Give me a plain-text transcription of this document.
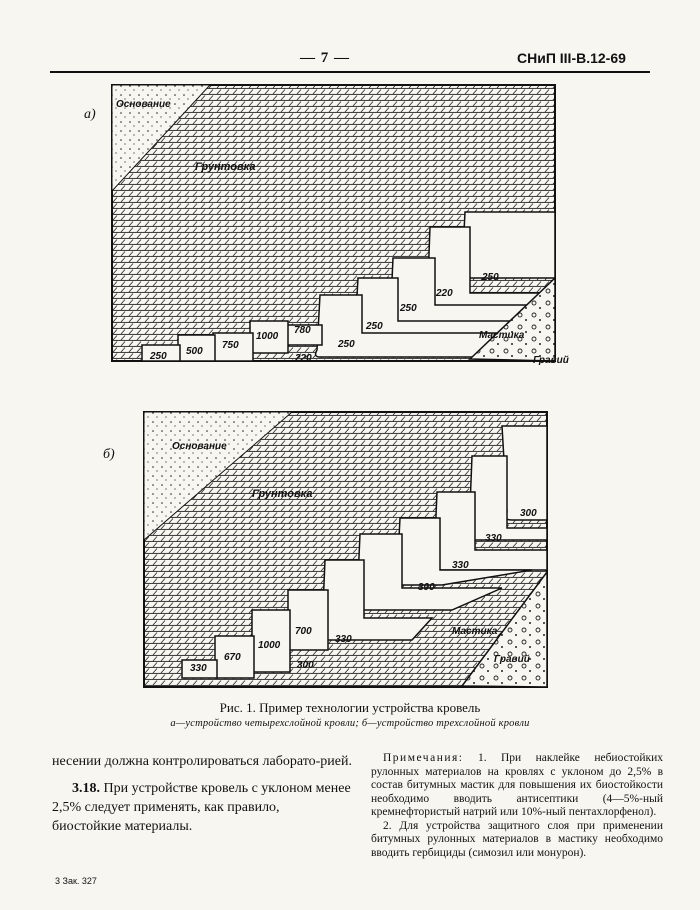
— 7 —	СНиП III-В.12-69
а)
б)
Основание
Грунтовка
Мастика
Гравий
250 500
750
1000
780
220
250
250
250
220
250
Основание
Грунтовка
Мастика
Гравий
330
670
1000
700
300
330
300
330
330
300
Рис. 1. Пример технологии устройства кровель
а—устройство четырехслойной кровли; б—устройство трехслойной кровли

несении должна контролироваться лаборато-рией.

3.18. При устройстве кровель с уклоном менее 2,5% следует применять, как правило, биостойкие материалы.

Примечания: 1. При наклейке небиостойких рулонных материалов на кровлях с уклоном до 2,5% в состав битумных мастик для повышения их биостойкости необходимо вводить антисептики (4—5%-ный кремнефтористый натрий или 10%-ный пентахлорфенол).

2. Для устройства защитного слоя при применении битумных рулонных материалов в мастику необходимо вводить гербициды (симозил или монурон).

3 Зак. 327
